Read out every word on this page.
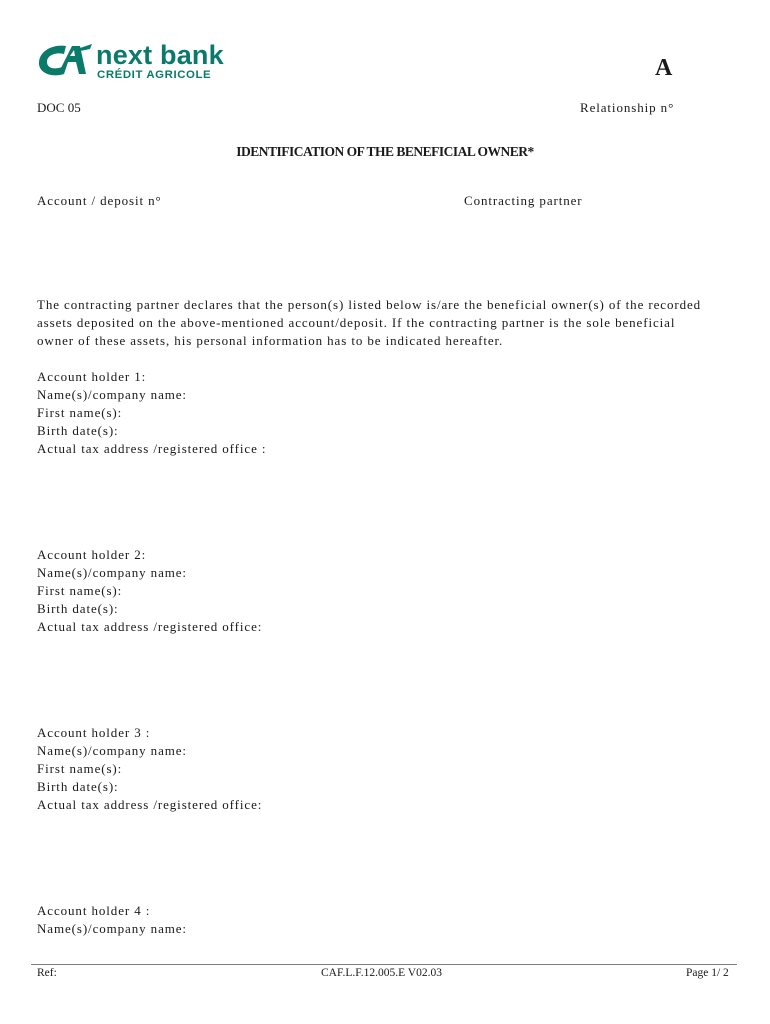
next bank
CRÉDIT AGRICOLE	A
DOC 05	Relationship n°
IDENTIFICATION OF THE BENEFICIAL OWNER*
Account / deposit n°	Contracting partner
The contracting partner declares that the person(s) listed below is/are the beneficial owner(s) of the recorded
assets deposited on the above-mentioned account/deposit. If the contracting partner is the sole beneficial
owner of these assets, his personal information has to be indicated hereafter.
Account holder 1:
Name(s)/company name:
First name(s):
Birth date(s):
Actual tax address /registered office :
Account holder 2:
Name(s)/company name:
First name(s):
Birth date(s):
Actual tax address /registered office:
Account holder 3 :
Name(s)/company name:
First name(s):
Birth date(s):
Actual tax address /registered office:
Account holder 4 :
Name(s)/company name:
Ref:	CAF.L.F.12.005.E V02.03	Page 1/ 2
